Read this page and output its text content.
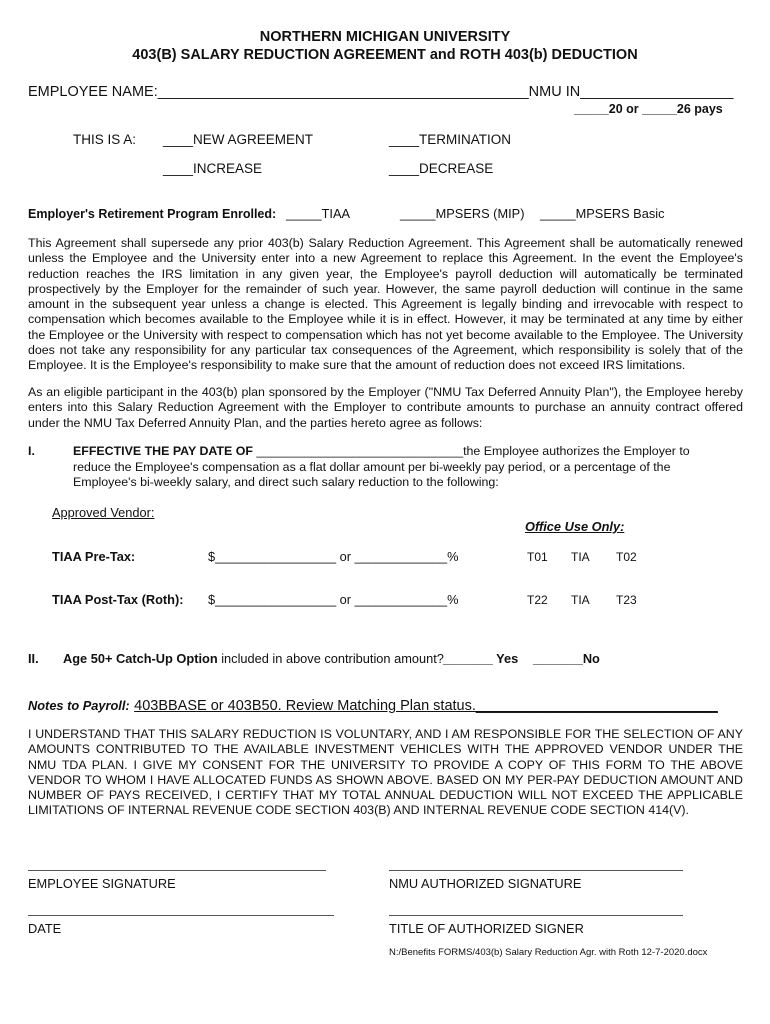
NORTHERN MICHIGAN UNIVERSITY
403(B) SALARY REDUCTION AGREEMENT and ROTH 403(b) DEDUCTION
EMPLOYEE NAME:______________________________________________NMU IN___________________
_____20 or _____26 pays
THIS IS A: ____NEW AGREEMENT	____TERMINATION
____INCREASE	____DECREASE
Employer's Retirement Program Enrolled: _____TIAA	_____MPSERS (MIP) _____MPSERS Basic
This Agreement shall supersede any prior 403(b) Salary Reduction Agreement. This Agreement shall be automatically renewed unless the Employee and the University enter into a new Agreement to replace this Agreement. In the event the Employee's reduction reaches the IRS limitation in any given year, the Employee's payroll deduction will automatically be terminated prospectively by the Employer for the remainder of such year. However, the same payroll deduction will continue in the same amount in the subsequent year unless a change is elected. This Agreement is legally binding and irrevocable with respect to compensation which becomes available to the Employee while it is in effect. However, it may be terminated at any time by either the Employee or the University with respect to compensation which has not yet become available to the Employee. The University does not take any responsibility for any particular tax consequences of the Agreement, which responsibility is solely that of the Employee. It is the Employee's responsibility to make sure that the amount of reduction does not exceed IRS limitations.
As an eligible participant in the 403(b) plan sponsored by the Employer ("NMU Tax Deferred Annuity Plan"), the Employee hereby enters into this Salary Reduction Agreement with the Employer to contribute amounts to purchase an annuity contract offered under the NMU Tax Deferred Annuity Plan, and the parties hereto agree as follows:
I.	EFFECTIVE THE PAY DATE OF ______________________________the Employee authorizes the Employer to
reduce the Employee's compensation as a flat dollar amount per bi-weekly pay period, or a percentage of the
Employee's bi-weekly salary, and direct such salary reduction to the following:
Approved Vendor:
Office Use Only:
TIAA Pre-Tax:	$_________________ or _____________%	T01 TIA T02
TIAA Post-Tax (Roth): $_________________ or _____________%	T22 TIA T23
II. Age 50+ Catch-Up Option included in above contribution amount? _______ Yes _______No
Notes to Payroll: 403BBASE or 403B50. Review Matching Plan status.______________________________
I UNDERSTAND THAT THIS SALARY REDUCTION IS VOLUNTARY, AND I AM RESPONSIBLE FOR THE SELECTION OF ANY AMOUNTS CONTRIBUTED TO THE AVAILABLE INVESTMENT VEHICLES WITH THE APPROVED VENDOR UNDER THE NMU TDA PLAN. I GIVE MY CONSENT FOR THE UNIVERSITY TO PROVIDE A COPY OF THIS FORM TO THE ABOVE VENDOR TO WHOM I HAVE ALLOCATED FUNDS AS SHOWN ABOVE. BASED ON MY PER-PAY DEDUCTION AMOUNT AND NUMBER OF PAYS RECEIVED, I CERTIFY THAT MY TOTAL ANNUAL DEDUCTION WILL NOT EXCEED THE APPLICABLE LIMITATIONS OF INTERNAL REVENUE CODE SECTION 403(B) AND INTERNAL REVENUE CODE SECTION 414(V).
EMPLOYEE SIGNATURE	NMU AUTHORIZED SIGNATURE
DATE	TITLE OF AUTHORIZED SIGNER
N:/Benefits FORMS/403(b) Salary Reduction Agr. with Roth 12-7-2020.docx
